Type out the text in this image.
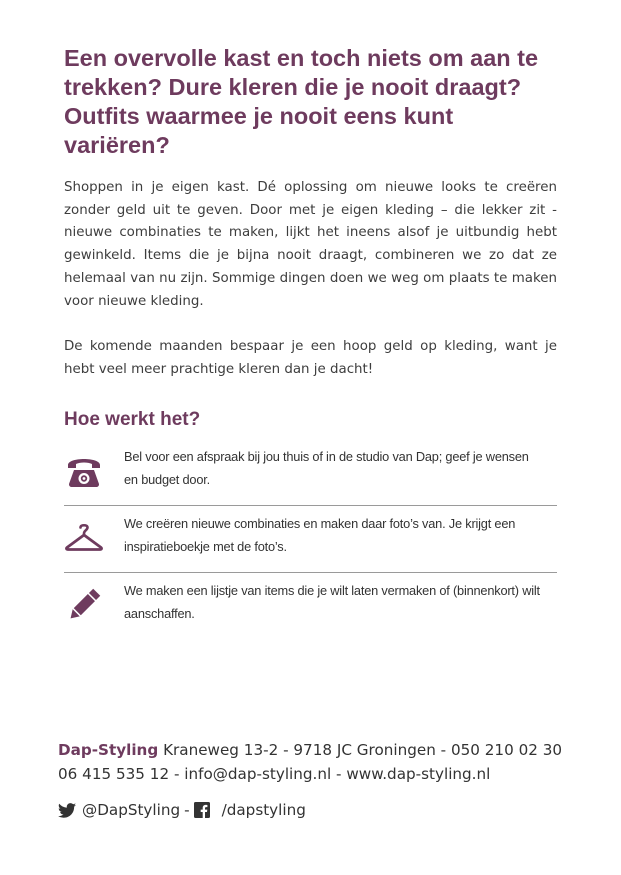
Een overvolle kast en toch niets om aan te trekken? Dure kleren die je nooit draagt? Outfits waarmee je nooit eens kunt variëren?

Shoppen in je eigen kast. Dé oplossing om nieuwe looks te creëren zonder geld uit te geven. Door met je eigen kleding – die lekker zit - nieuwe combinaties te maken, lijkt het ineens alsof je uitbundig hebt gewinkeld. Items die je bijna nooit draagt, combineren we zo dat ze helemaal van nu zijn. Sommige dingen doen we weg om plaats te maken voor nieuwe kleding.

De komende maanden bespaar je een hoop geld op kleding, want je hebt veel meer prachtige kleren dan je dacht!

Hoe werkt het?
Bel voor een afspraak bij jou thuis of in de studio van Dap; geef je wensen en budget door.
We creëren nieuwe combinaties en maken daar foto’s van. Je krijgt een inspiratieboekje met de foto’s.
We maken een lijstje van items die je wilt laten vermaken of (binnenkort) wilt aanschaffen.
Dap-Styling Kraneweg 13-2 - 9718 JC Groningen - 050 210 02 30
06 415 535 12 - info@dap-styling.nl - www.dap-styling.nl
@DapStyling - /dapstyling
